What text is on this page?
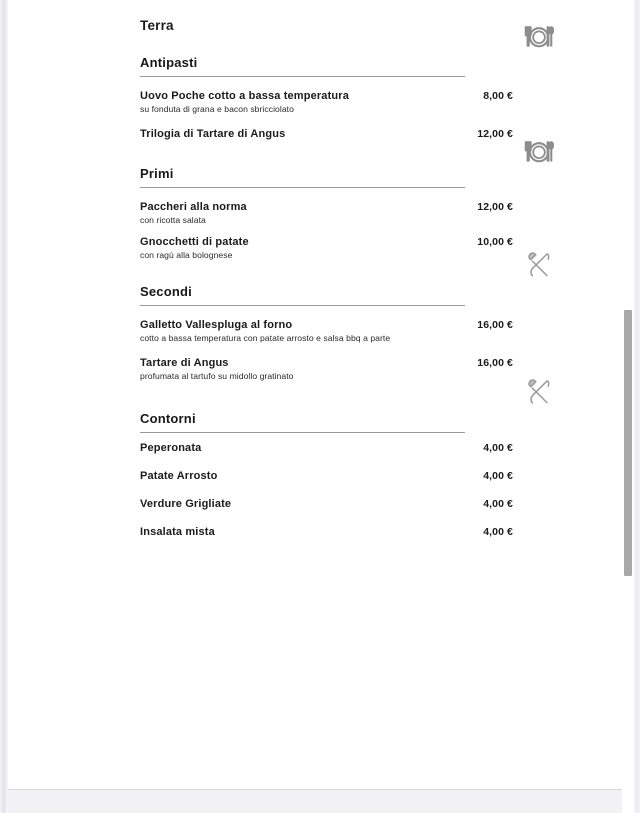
Terra
Antipasti
Uovo Poche cotto a bassa temperatura	8,00 €
su fonduta di grana e bacon sbricciolato
Trilogia di Tartare di Angus	12,00 €
Primi
Paccheri alla norma	12,00 €
con ricotta salata
Gnocchetti di patate	10,00 €
con ragù alla bolognese
Secondi
Galletto Vallespluga al forno	16,00 €
cotto a bassa temperatura con patate arrosto e salsa bbq a parte
Tartare di Angus	16,00 €
profumata al tartufo su midollo gratinato
Contorni
Peperonata	4,00 €
Patate Arrosto	4,00 €
Verdure Grigliate	4,00 €
Insalata mista	4,00 €
